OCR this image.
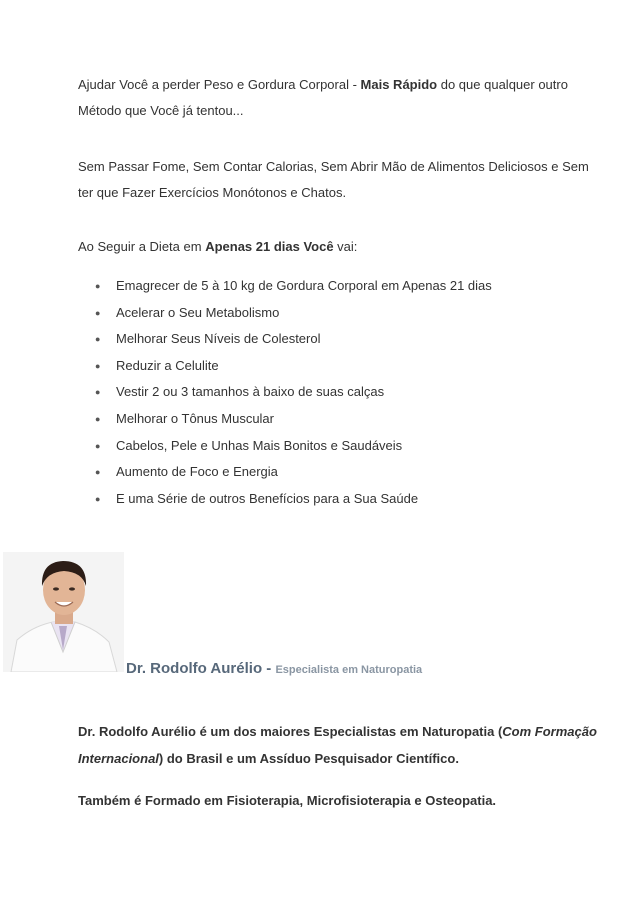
Ajudar Você a perder Peso e Gordura Corporal - Mais Rápido do que qualquer outro Método que Você já tentou...

Sem Passar Fome, Sem Contar Calorias, Sem Abrir Mão de Alimentos Deliciosos e Sem ter que Fazer Exercícios Monótonos e Chatos.

Ao Seguir a Dieta em Apenas 21 dias Você vai:

● Emagrecer de 5 à 10 kg de Gordura Corporal em Apenas 21 dias
● Acelerar o Seu Metabolismo
● Melhorar Seus Níveis de Colesterol
● Reduzir a Celulite
● Vestir 2 ou 3 tamanhos à baixo de suas calças
● Melhorar o Tônus Muscular
● Cabelos, Pele e Unhas Mais Bonitos e Saudáveis
● Aumento de Foco e Energia
● E uma Série de outros Benefícios para a Sua Saúde
Dr. Rodolfo Aurélio - Especialista em Naturopatia

Dr. Rodolfo Aurélio é um dos maiores Especialistas em Naturopatia (Com Formação Internacional) do Brasil e um Assíduo Pesquisador Científico.

Também é Formado em Fisioterapia, Microfisioterapia e Osteopatia.
